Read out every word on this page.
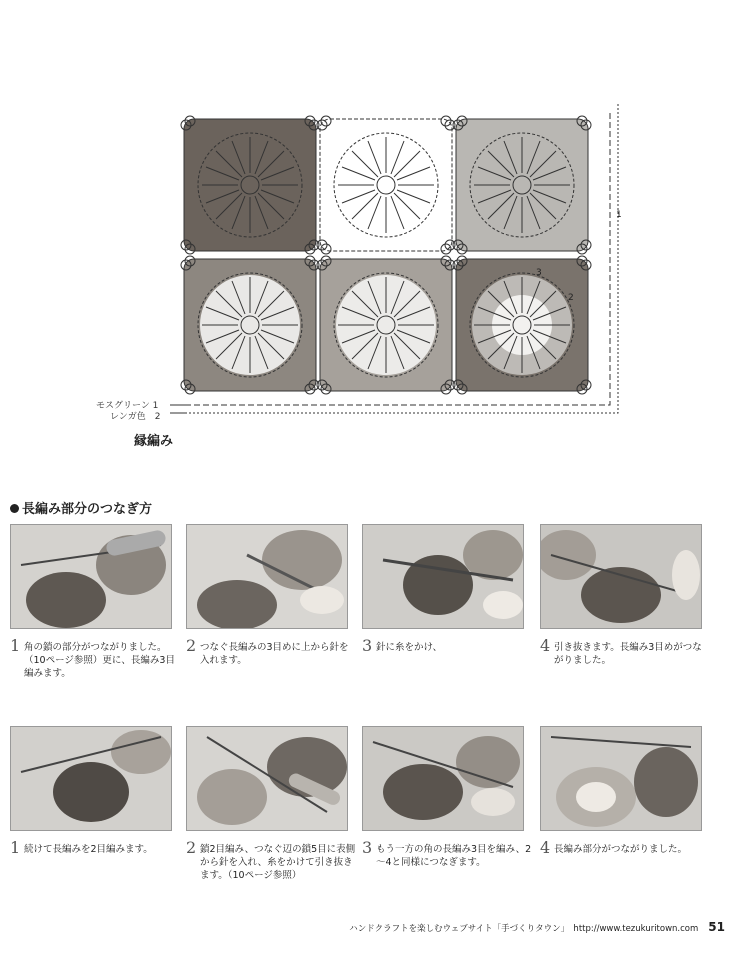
1
2
3
モスグリーン 1
レンガ色　2
縁編み
長編み部分のつなぎ方
1 角の鎖の部分がつながりました。（10ページ参照）更に、長編み3目編みます。
2 つなぐ長編みの3目めに上から針を入れます。
3 針に糸をかけ、	4 引き抜きます。長編み3目めがつながりました。
1 続けて長編みを2目編みます。	2 鎖2目編み、つなぐ辺の鎖5目に表側から針を入れ、糸をかけて引き抜きます。（10ページ参照）
3 もう一方の角の長編み3目を編み、2～4と同様につなぎます。
4 長編み部分がつながりました。
ハンドクラフトを楽しむウェブサイト「手づくりタウン」　http://www.tezukuritown.com 51
